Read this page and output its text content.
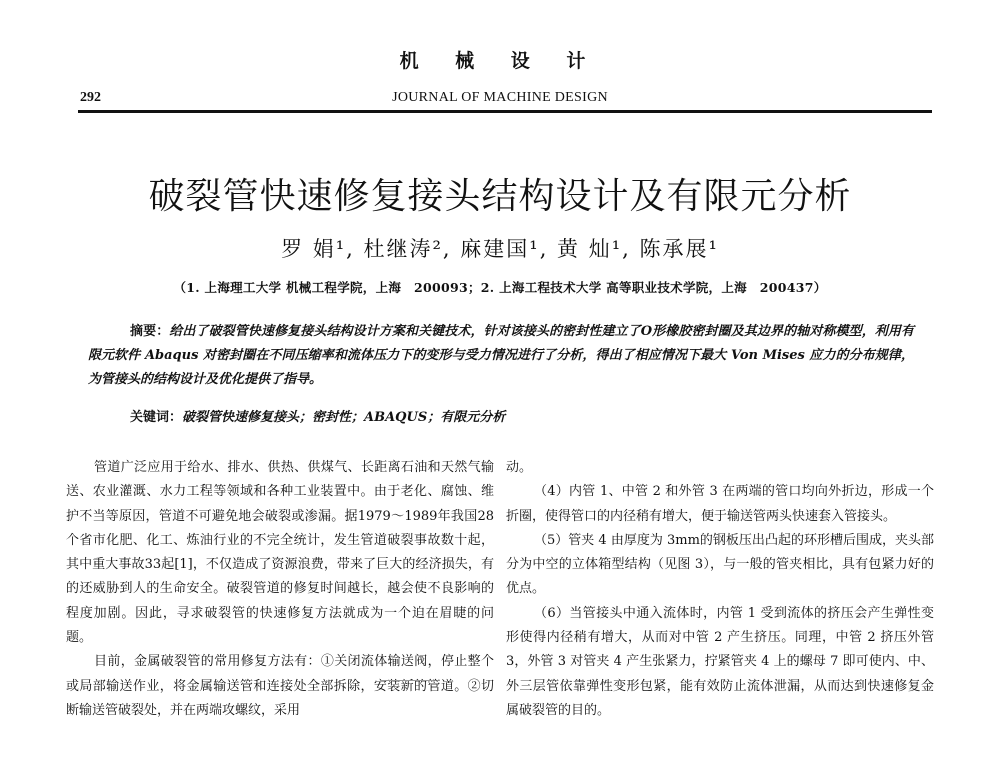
机 械 设 计
292	JOURNAL OF MACHINE DESIGN
破裂管快速修复接头结构设计及有限元分析
罗 娟¹, 杜继涛², 麻建国¹, 黄 灿¹, 陈承展¹
（1. 上海理工大学 机械工程学院，上海　200093；2. 上海工程技术大学 高等职业技术学院，上海　200437）
摘要：给出了破裂管快速修复接头结构设计方案和关键技术，针对该接头的密封性建立了O形橡胶密封圈及其边界的轴对称模型，利用有限元软件 Abaqus 对密封圈在不同压缩率和流体压力下的变形与受力情况进行了分析，得出了相应情况下最大 Von Mises 应力的分布规律， 为管接头的结构设计及优化提供了指导。
关键词：破裂管快速修复接头；密封性；ABAQUS；有限元分析

管道广泛应用于给水、排水、供热、供煤气、长距离石油和天然气输送、农业灌溉、水力工程等领域和各种工业装置中。由于老化、腐蚀、维护不当等原因，管道不可避免地会破裂或渗漏。据1979～1989年我国28个省市化肥、化工、炼油行业的不完全统计，发生管道破裂事故数十起，其中重大事故33起[1]，不仅造成了资源浪费，带来了巨大的经济损失，有的还威胁到人的生命安全。破裂管道的修复时间越长，越会使不良影响的程度加剧。因此，寻求破裂管的快速修复方法就成为一个迫在眉睫的问题。

目前，金属破裂管的常用修复方法有：①关闭流体输送阀，停止整个或局部输送作业，将金属输送管和连接处全部拆除，安装新的管道。②切断输送管破裂处，并在两端攻螺纹，采用

动。

（4）内管 1、中管 2 和外管 3 在两端的管口均向外折边，形成一个折圈，使得管口的内径稍有增大，便于输送管两头快速套入管接头。

（5）管夹 4 由厚度为 3mm的钢板压出凸起的环形槽后围成，夹头部分为中空的立体箱型结构（见图 3），与一般的管夹相比，具有包紧力好的优点。

（6）当管接头中通入流体时，内管 1 受到流体的挤压会产生弹性变形使得内径稍有增大，从而对中管 2 产生挤压。同理，中管 2 挤压外管 3，外管 3 对管夹 4 产生张紧力，拧紧管夹 4 上的螺母 7 即可使内、中、外三层管依靠弹性变形包紧，能有效防止流体泄漏，从而达到快速修复金属破裂管的目的。
